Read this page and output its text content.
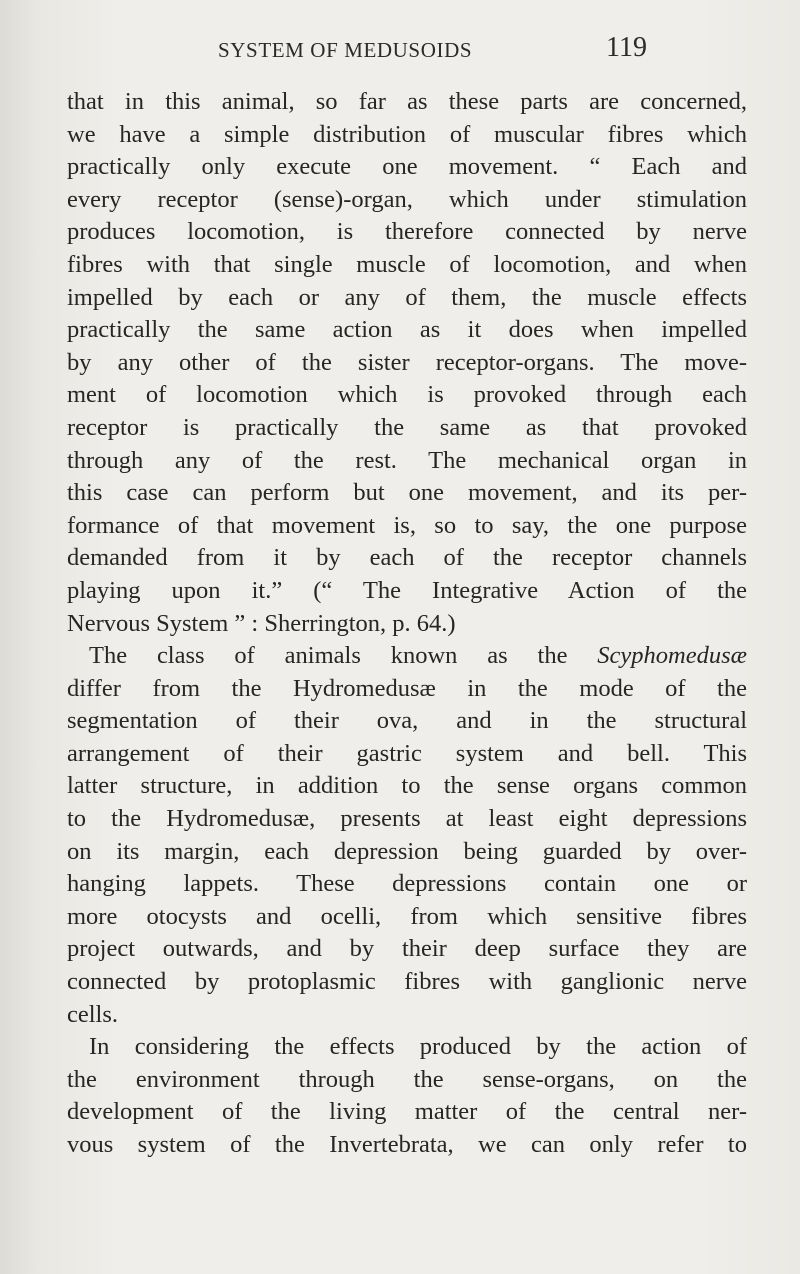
SYSTEM OF MEDUSOIDS	119
that in this animal, so far as these parts are concerned,
we have a simple distribution of muscular fibres which
practically only execute one movement. “ Each and
every receptor (sense)-organ, which under stimulation
produces locomotion, is therefore connected by nerve
fibres with that single muscle of locomotion, and when
impelled by each or any of them, the muscle effects
practically the same action as it does when impelled
by any other of the sister receptor-organs. The move-
ment of locomotion which is provoked through each
receptor is practically the same as that provoked
through any of the rest. The mechanical organ in
this case can perform but one movement, and its per-
formance of that movement is, so to say, the one purpose
demanded from it by each of the receptor channels
playing upon it.” (“ The Integrative Action of the
Nervous System ” : Sherrington, p. 64.)
The class of animals known as the Scyphomedusæ
differ from the Hydromedusæ in the mode of the
segmentation of their ova, and in the structural
arrangement of their gastric system and bell. This
latter structure, in addition to the sense organs common
to the Hydromedusæ, presents at least eight depressions
on its margin, each depression being guarded by over-
hanging lappets. These depressions contain one or
more otocysts and ocelli, from which sensitive fibres
project outwards, and by their deep surface they are
connected by protoplasmic fibres with ganglionic nerve
cells.
In considering the effects produced by the action of
the environment through the sense-organs, on the
development of the living matter of the central ner-
vous system of the Invertebrata, we can only refer to
